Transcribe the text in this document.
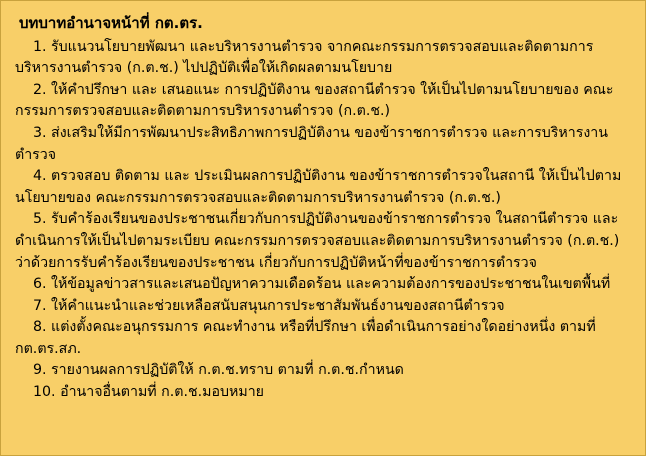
บทบาทอำนาจหน้าที่ กต.ตร.

1. รับแนวนโยบายพัฒนา และบริหารงานตำรวจ จากคณะกรรมการตรวจสอบและติดตามการบริหารงานตำรวจ (ก.ต.ช.) ไปปฏิบัติเพื่อให้เกิดผลตามนโยบาย

2. ให้คำปรึกษา และ เสนอแนะ การปฏิบัติงาน ของสถานีตำรวจ ให้เป็นไปตามนโยบายของ คณะกรรมการตรวจสอบและติดตามการบริหารงานตำรวจ (ก.ต.ช.)

3. ส่งเสริมให้มีการพัฒนาประสิทธิภาพการปฏิบัติงาน ของข้าราชการตำรวจ และการบริหารงานตำรวจ

4. ตรวจสอบ ติดตาม และ ประเมินผลการปฏิบัติงาน ของข้าราชการตำรวจในสถานี ให้เป็นไปตามนโยบายของ คณะกรรมการตรวจสอบและติดตามการบริหารงานตำรวจ (ก.ต.ช.)

5. รับคำร้องเรียนของประชาชนเกี่ยวกับการปฏิบัติงานของข้าราชการตำรวจ ในสถานีตำรวจ และดำเนินการให้เป็นไปตามระเบียบ คณะกรรมการตรวจสอบและติดตามการบริหารงานตำรวจ (ก.ต.ช.) ว่าด้วยการรับคำร้องเรียนของประชาชน เกี่ยวกับการปฏิบัติหน้าที่ของข้าราชการตำรวจ

6. ให้ข้อมูลข่าวสารและเสนอปัญหาความเดือดร้อน และความต้องการของประชาชนในเขตพื้นที่

7. ให้คำแนะนำและช่วยเหลือสนับสนุนการประชาสัมพันธ์งานของสถานีตำรวจ

8. แต่งตั้งคณะอนุกรรมการ คณะทำงาน หรือที่ปรึกษา เพื่อดำเนินการอย่างใดอย่างหนึ่ง ตามที่ กต.ตร.สภ.

9. รายงานผลการปฏิบัติให้ ก.ต.ช.ทราบ ตามที่ ก.ต.ช.กำหนด

10. อำนาจอื่นตามที่ ก.ต.ช.มอบหมาย
